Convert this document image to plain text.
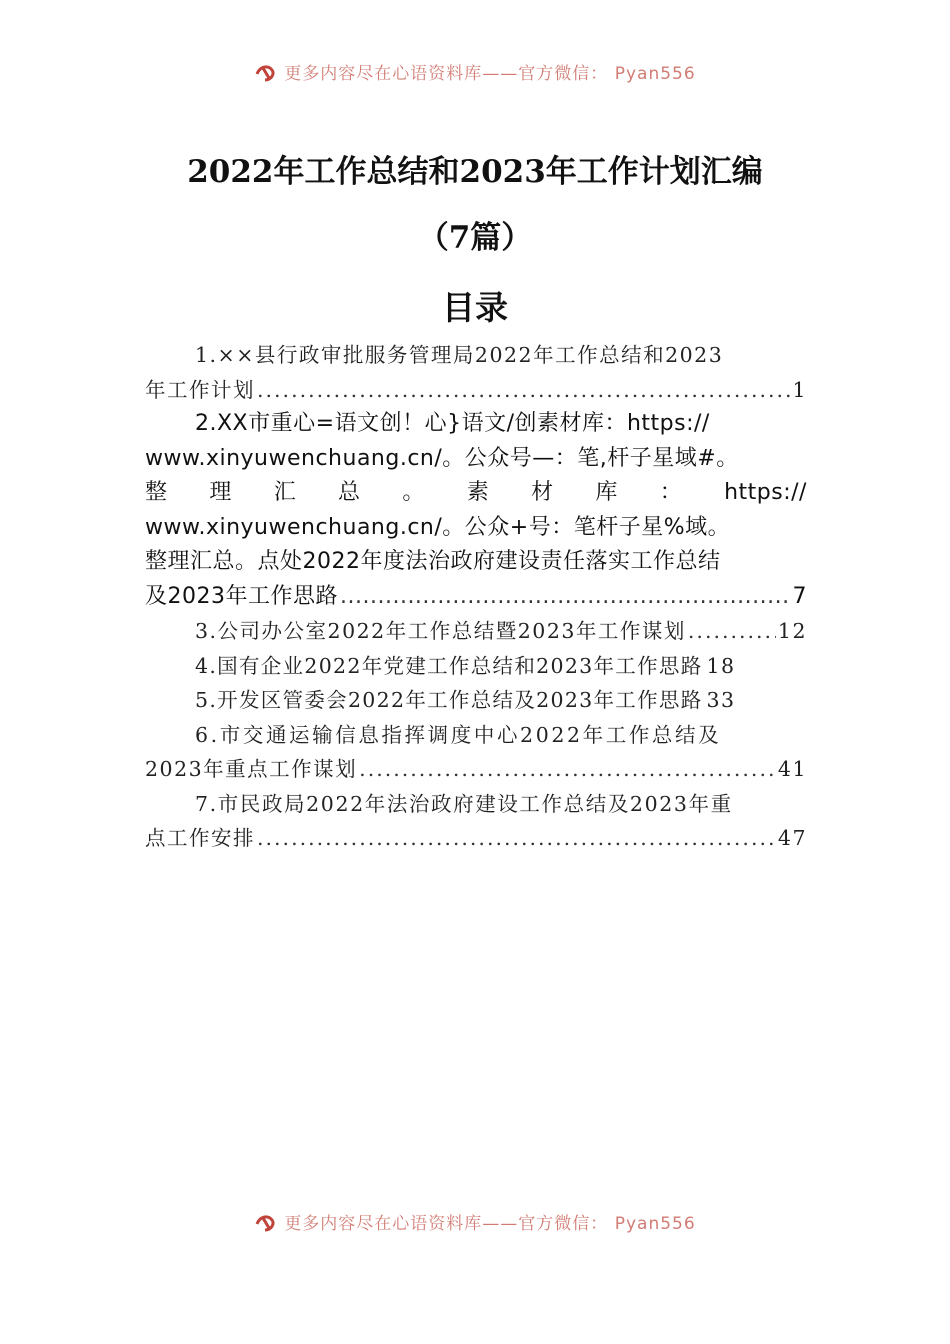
更多内容尽在心语资料库——官方微信： Pyan556
2022年工作总结和2023年工作计划汇编
（7篇）
目录
1.××县行政审批服务管理局2022年工作总结和2023
年工作计划 .....	1
2.XX市重心=语文创！心}语文/创素材库：https://
www.xinyuwenchuang.cn/。公众号—：笔,杆子星域#。
整 理 汇 总 。 素 材 库 ： https://
www.xinyuwenchuang.cn/。公众+号：笔杆子星%域。
整理汇总。点处2022年度法治政府建设责任落实工作总结
及2023年工作思路 .....	7
3.公司办公室2022年工作总结暨2023年工作谋划 .....	12
4.国有企业2022年党建工作总结和2023年工作思路 18
5.开发区管委会2022年工作总结及2023年工作思路 33
6.市交通运输信息指挥调度中心2022年工作总结及
2023年重点工作谋划 .....	41
7.市民政局2022年法治政府建设工作总结及2023年重
点工作安排 .....	47
更多内容尽在心语资料库——官方微信： Pyan556
